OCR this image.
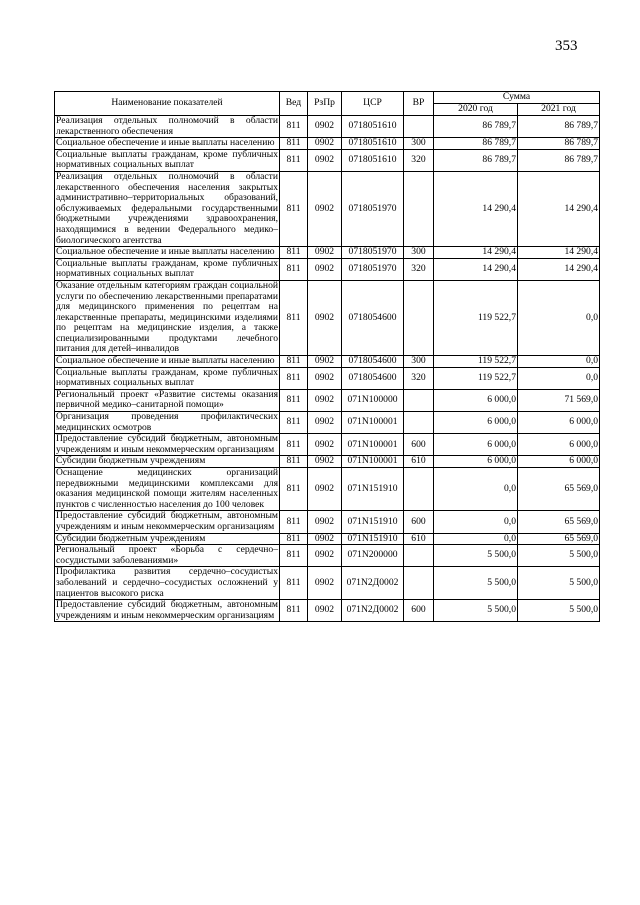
353
Наименование показателей	Вед	РзПр	ЦСР	ВР	Сумма	
					2020 год	2021 год
Реализация отдельных полномочий в области лекарственного обеспечения	811	0902	0718051610		86 789,7	86 789,7
Социальное обеспечение и иные выплаты населению	811	0902	0718051610	300	86 789,7	86 789,7
Социальные выплаты гражданам, кроме публичных нормативных социальных выплат	811	0902	0718051610	320	86 789,7	86 789,7
Реализация отдельных полномочий в области лекарственного обеспечения населения закрытых административно–территориальных образований, обслуживаемых федеральными государственными бюджетными учреждениями здравоохранения, находящимися в ведении Федерального медико–биологического агентства	811	0902	0718051970		14 290,4	14 290,4
Социальное обеспечение и иные выплаты населению	811	0902	0718051970	300	14 290,4	14 290,4
Социальные выплаты гражданам, кроме публичных нормативных социальных выплат	811	0902	0718051970	320	14 290,4	14 290,4
Оказание отдельным категориям граждан социальной услуги по обеспечению лекарственными препаратами для медицинского применения по рецептам на лекарственные препараты, медицинскими изделиями по рецептам на медицинские изделия, а также специализированными продуктами лечебного питания для детей–инвалидов	811	0902	0718054600		119 522,7	0,0
Социальное обеспечение и иные выплаты населению	811	0902	0718054600	300	119 522,7	0,0
Социальные выплаты гражданам, кроме публичных нормативных социальных выплат	811	0902	0718054600	320	119 522,7	0,0
Региональный проект «Развитие системы оказания первичной медико–санитарной помощи»	811	0902	071N100000		6 000,0	71 569,0
Организация проведения профилактических медицинских осмотров	811	0902	071N100001		6 000,0	6 000,0
Предоставление субсидий бюджетным, автономным учреждениям и иным некоммерческим организациям	811	0902	071N100001	600	6 000,0	6 000,0
Субсидии бюджетным учреждениям	811	0902	071N100001	610	6 000,0	6 000,0
Оснащение медицинских организаций передвижными медицинскими комплексами для оказания медицинской помощи жителям населенных пунктов с численностью населения до 100 человек	811	0902	071N151910		0,0	65 569,0
Предоставление субсидий бюджетным, автономным учреждениям и иным некоммерческим организациям	811	0902	071N151910	600	0,0	65 569,0
Субсидии бюджетным учреждениям	811	0902	071N151910	610	0,0	65 569,0
Региональный проект «Борьба с сердечно–сосудистыми заболеваниями»	811	0902	071N200000		5 500,0	5 500,0
Профилактика развития сердечно–сосудистых заболеваний и сердечно–сосудистых осложнений у пациентов высокого риска	811	0902	071N2Д0002		5 500,0	5 500,0
Предоставление субсидий бюджетным, автономным учреждениям и иным некоммерческим организациям	811	0902	071N2Д0002	600	5 500,0	5 500,0
